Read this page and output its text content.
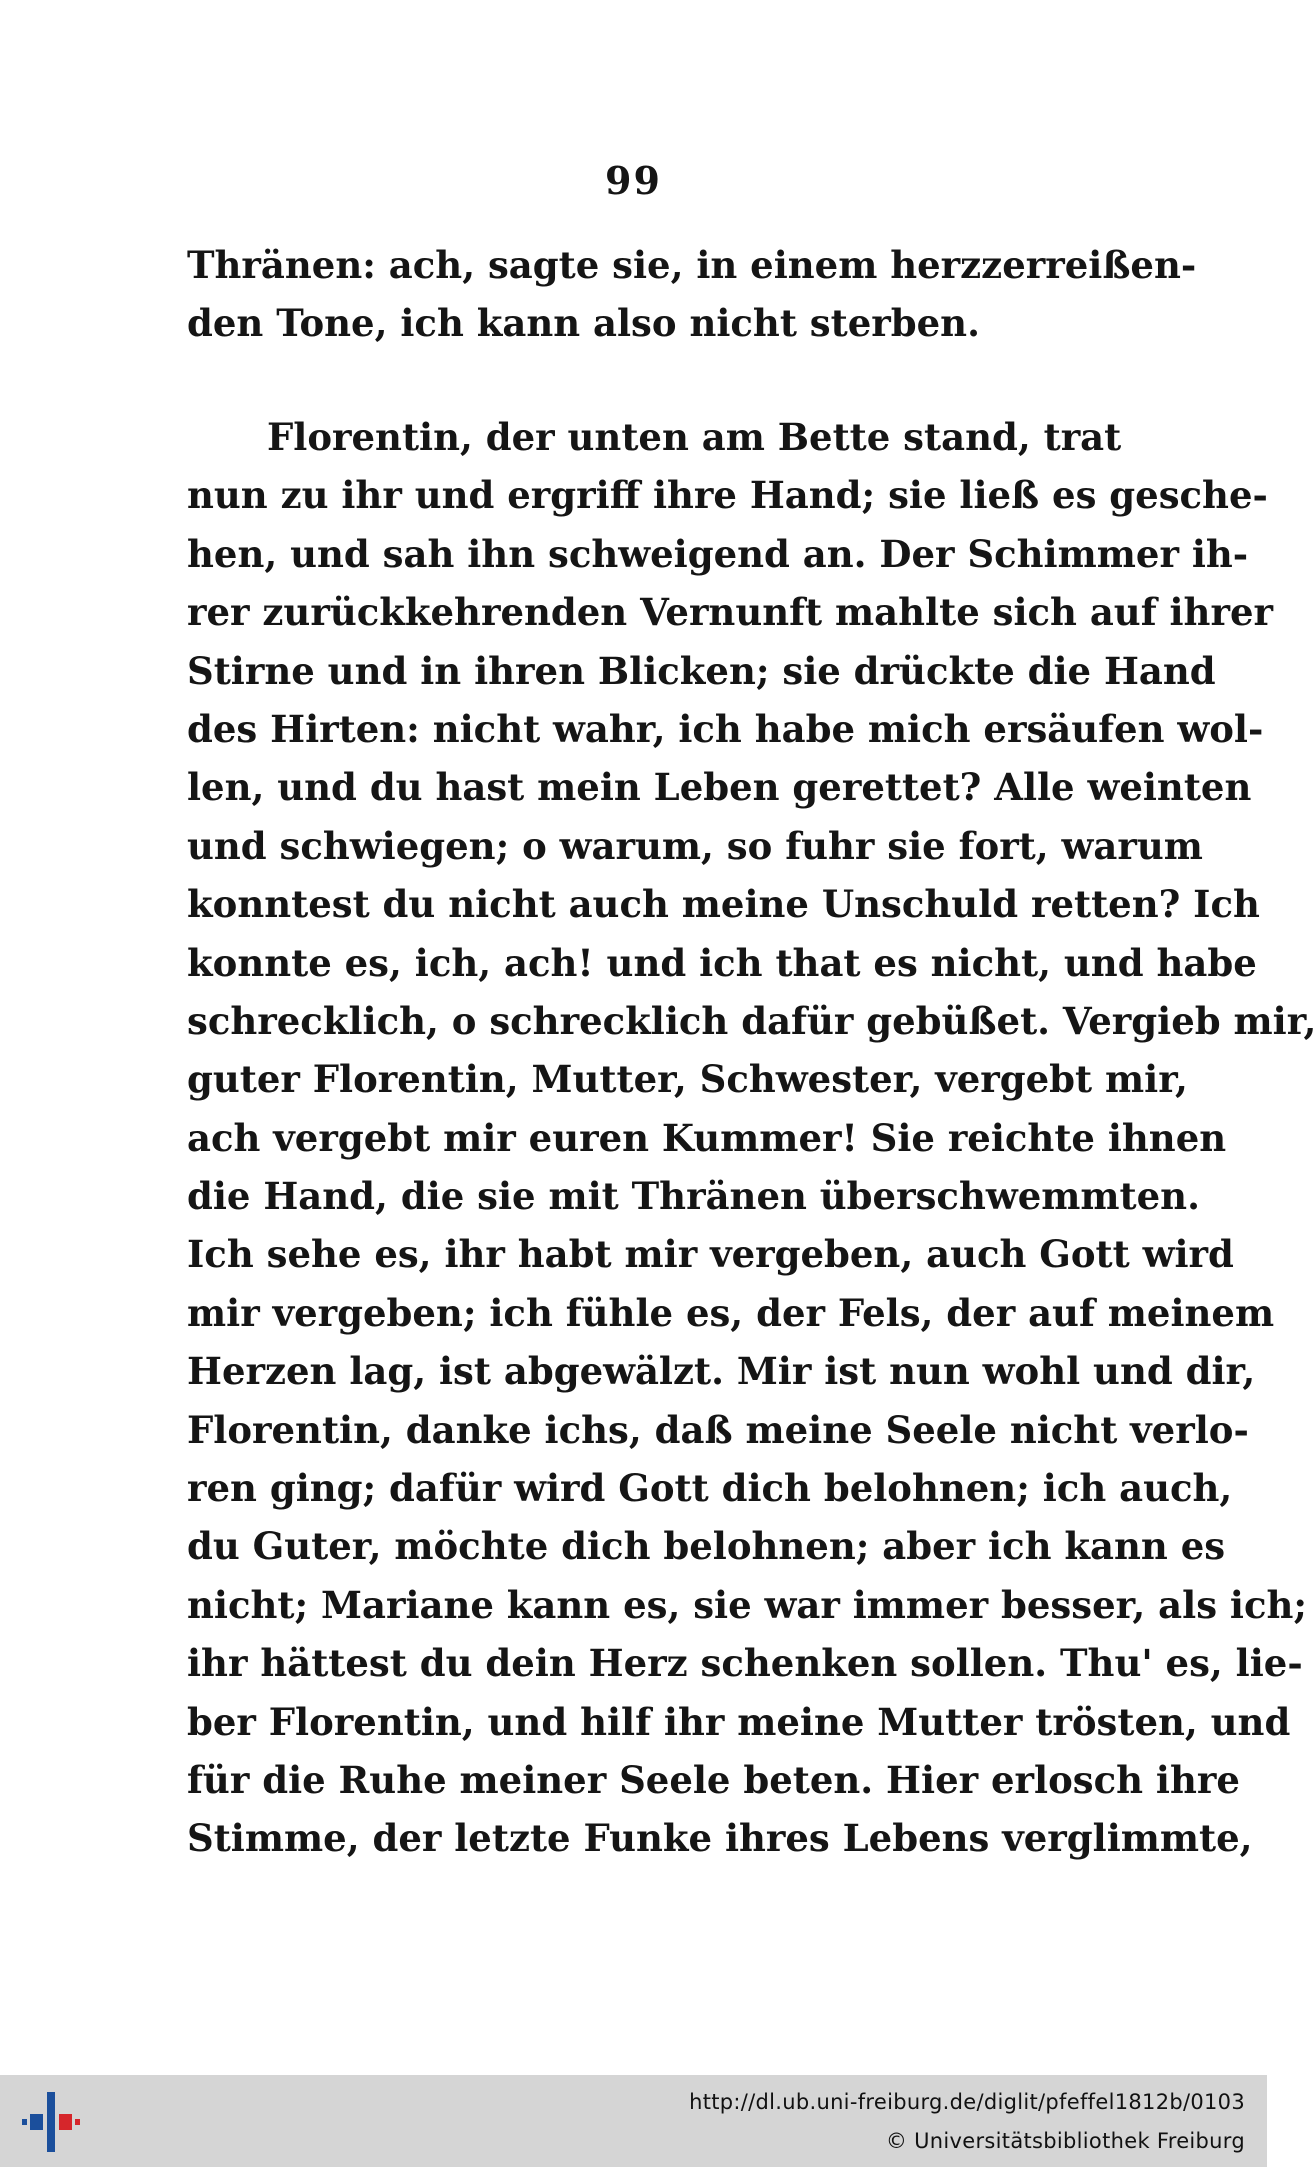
99
Thränen: ach, sagte sie, in einem herzzerreißen-
den Tone, ich kann also nicht sterben.
Florentin, der unten am Bette stand, trat
nun zu ihr und ergriff ihre Hand; sie ließ es gesche-
hen, und sah ihn schweigend an. Der Schimmer ih-
rer zurückkehrenden Vernunft mahlte sich auf ihrer
Stirne und in ihren Blicken; sie drückte die Hand
des Hirten: nicht wahr, ich habe mich ersäufen wol-
len, und du hast mein Leben gerettet? Alle weinten
und schwiegen; o warum, so fuhr sie fort, warum
konntest du nicht auch meine Unschuld retten? Ich
konnte es, ich, ach! und ich that es nicht, und habe
schrecklich, o schrecklich dafür gebüßet. Vergieb mir,
guter Florentin, Mutter, Schwester, vergebt mir,
ach vergebt mir euren Kummer! Sie reichte ihnen
die Hand, die sie mit Thränen überschwemmten.
Ich sehe es, ihr habt mir vergeben, auch Gott wird
mir vergeben; ich fühle es, der Fels, der auf meinem
Herzen lag, ist abgewälzt. Mir ist nun wohl und dir,
Florentin, danke ichs, daß meine Seele nicht verlo-
ren ging; dafür wird Gott dich belohnen; ich auch,
du Guter, möchte dich belohnen; aber ich kann es
nicht; Mariane kann es, sie war immer besser, als ich;
ihr hättest du dein Herz schenken sollen. Thu' es, lie-
ber Florentin, und hilf ihr meine Mutter trösten, und
für die Ruhe meiner Seele beten. Hier erlosch ihre
Stimme, der letzte Funke ihres Lebens verglimmte,
http://dl.ub.uni-freiburg.de/diglit/pfeffel1812b/0103
© Universitätsbibliothek Freiburg
